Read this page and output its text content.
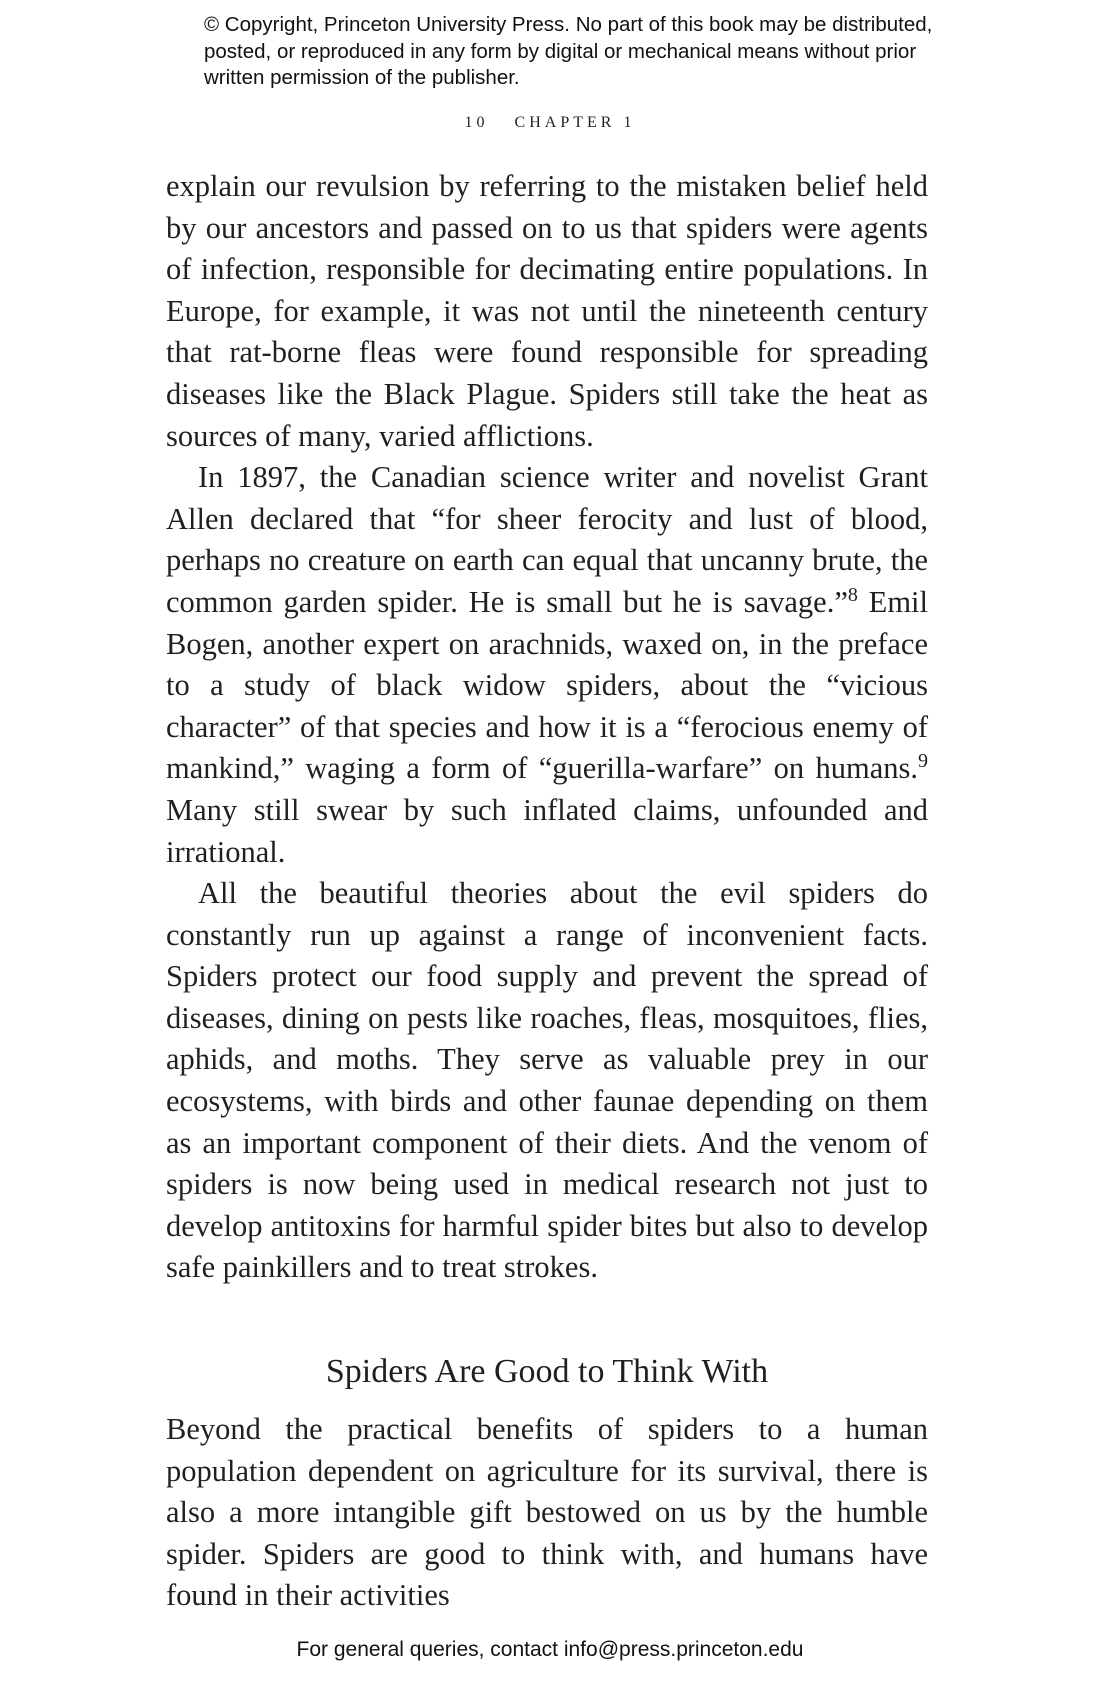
© Copyright, Princeton University Press. No part of this book may be distributed, posted, or reproduced in any form by digital or mechanical means without prior written permission of the publisher.

10 CHAPTER 1

explain our revulsion by referring to the mistaken belief held by our ancestors and passed on to us that spiders were agents of infection, responsible for decimating entire populations. In Europe, for example, it was not until the nineteenth century that rat-borne fleas were found responsible for spreading diseases like the Black Plague. Spiders still take the heat as sources of many, varied afflictions.

In 1897, the Canadian science writer and novelist Grant Allen declared that “for sheer ferocity and lust of blood, perhaps no creature on earth can equal that uncanny brute, the common garden spider. He is small but he is savage.”$^8$ Emil Bogen, another expert on arachnids, waxed on, in the preface to a study of black widow spiders, about the “vicious character” of that species and how it is a “ferocious enemy of mankind,” waging a form of “guerilla-warfare” on humans.$^9$ Many still swear by such inflated claims, unfounded and irrational.

All the beautiful theories about the evil spiders do constantly run up against a range of inconvenient facts. Spiders protect our food supply and prevent the spread of diseases, dining on pests like roaches, fleas, mosquitoes, flies, aphids, and moths. They serve as valuable prey in our ecosystems, with birds and other faunae depending on them as an important component of their diets. And the venom of spiders is now being used in medical research not just to develop antitoxins for harmful spider bites but also to develop safe painkillers and to treat strokes.

Spiders Are Good to Think With

Beyond the practical benefits of spiders to a human population dependent on agriculture for its survival, there is also a more intangible gift bestowed on us by the humble spider. Spiders are good to think with, and humans have found in their activities

For general queries, contact info@press.princeton.edu
